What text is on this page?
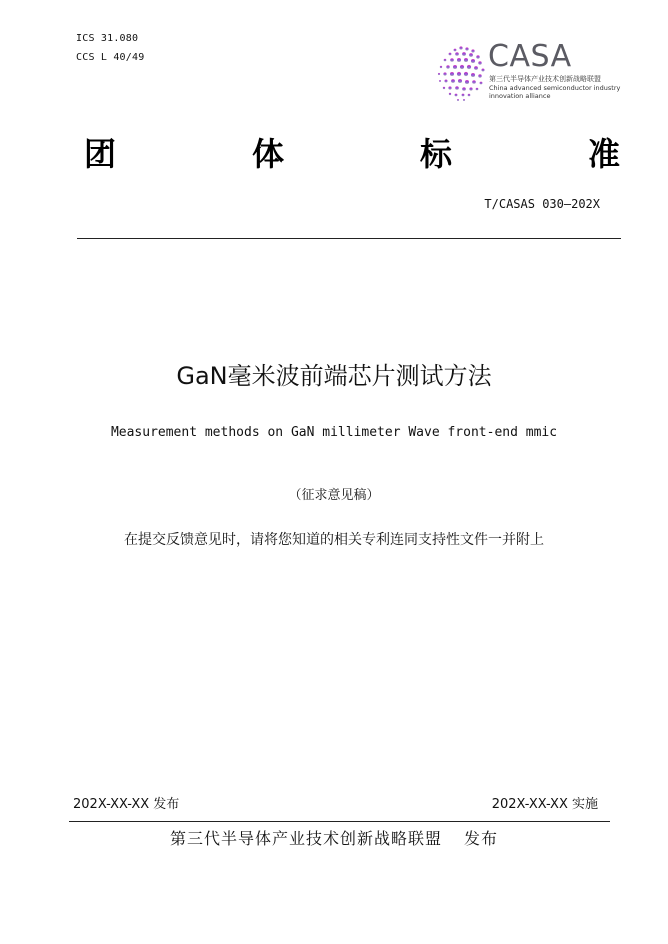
ICS 31.080
CCS L 40/49	CASA
第三代半导体产业技术创新战略联盟
China advanced semiconductor industry
innovation alliance
团	体	标	准
T/CASAS 030—202X
GaN毫米波前端芯片测试方法
Measurement methods on GaN millimeter Wave front-end mmic
（征求意见稿）
在提交反馈意见时，请将您知道的相关专利连同支持性文件一并附上
202X-XX-XX 发布	202X-XX-XX 实施
第三代半导体产业技术创新战略联盟 发布
